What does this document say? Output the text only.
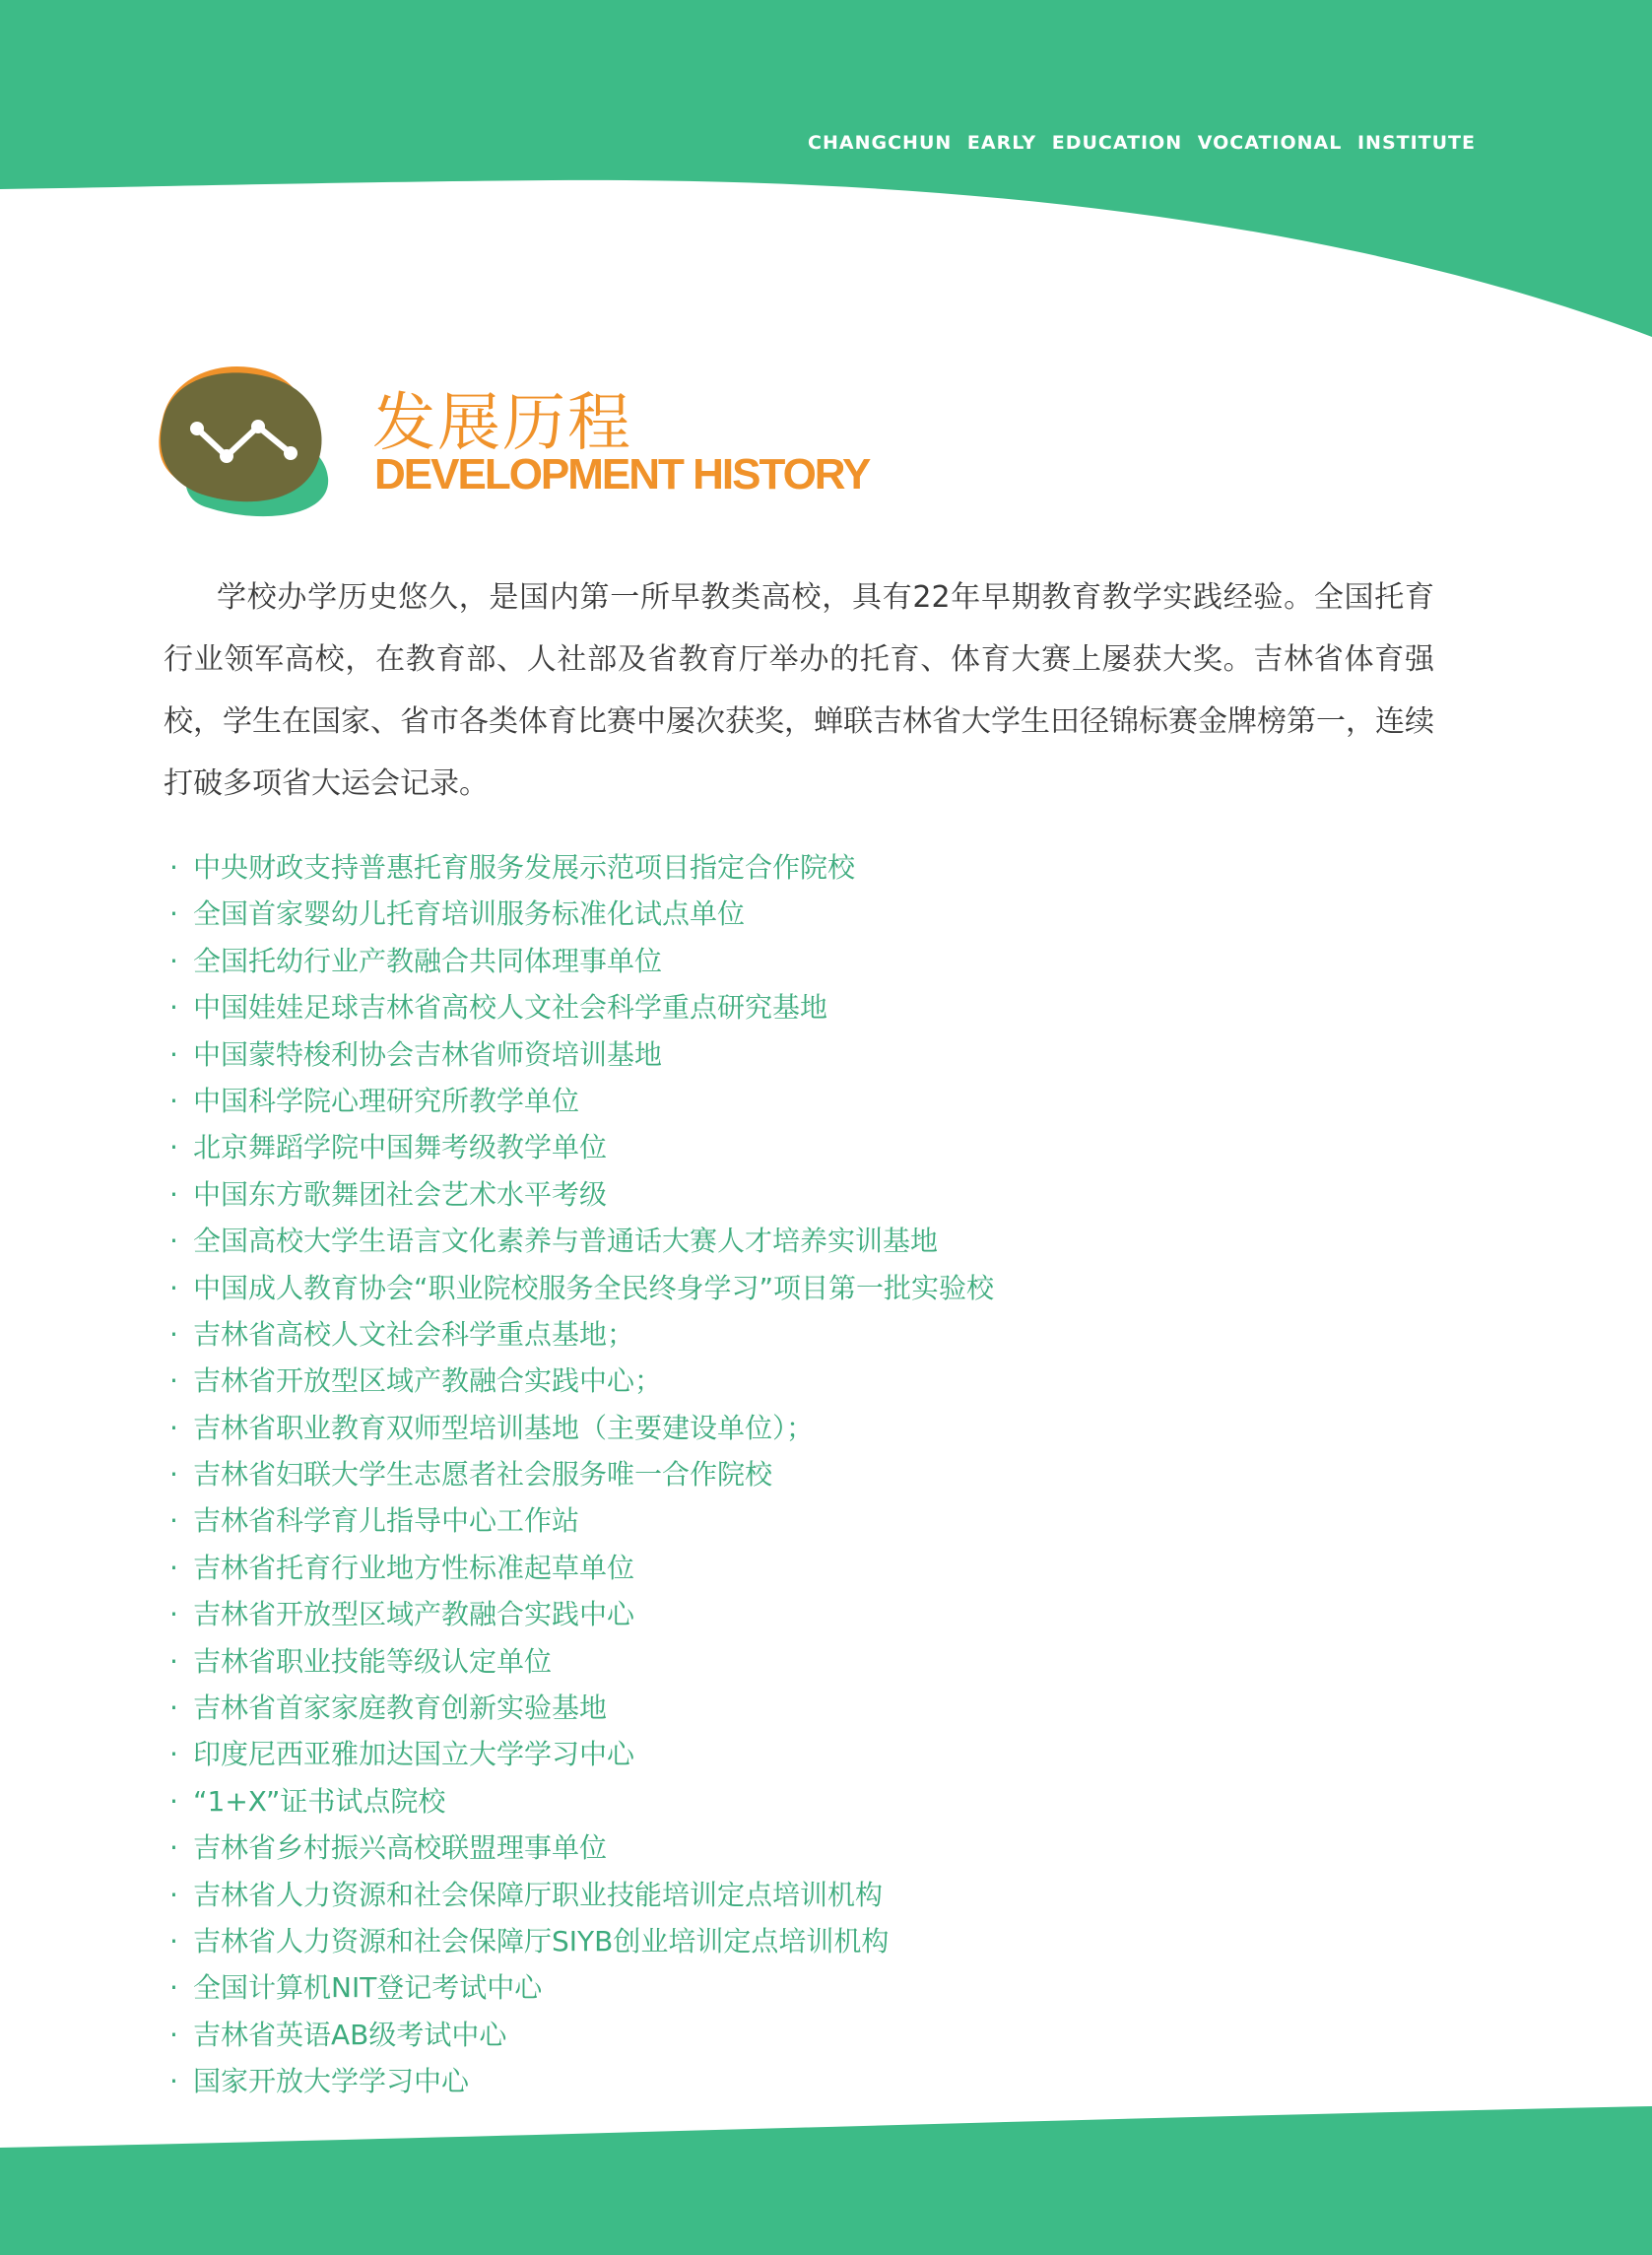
CHANGCHUN EARLY EDUCATION VOCATIONAL INSTITUTE
发展历程
DEVELOPMENT HISTORY

学校办学历史悠久，是国内第一所早教类高校，具有22年早期教育教学实践经验。全国托育行业领军高校，在教育部、人社部及省教育厅举办的托育、体育大赛上屡获大奖。吉林省体育强校，学生在国家、省市各类体育比赛中屡次获奖，蝉联吉林省大学生田径锦标赛金牌榜第一，连续打破多项省大运会记录。

· 中央财政支持普惠托育服务发展示范项目指定合作院校
· 全国首家婴幼儿托育培训服务标准化试点单位
· 全国托幼行业产教融合共同体理事单位
· 中国娃娃足球吉林省高校人文社会科学重点研究基地
· 中国蒙特梭利协会吉林省师资培训基地
· 中国科学院心理研究所教学单位
· 北京舞蹈学院中国舞考级教学单位
· 中国东方歌舞团社会艺术水平考级
· 全国高校大学生语言文化素养与普通话大赛人才培养实训基地
· 中国成人教育协会“职业院校服务全民终身学习”项目第一批实验校
· 吉林省高校人文社会科学重点基地；
· 吉林省开放型区域产教融合实践中心；
· 吉林省职业教育双师型培训基地（主要建设单位）；
· 吉林省妇联大学生志愿者社会服务唯一合作院校
· 吉林省科学育儿指导中心工作站
· 吉林省托育行业地方性标准起草单位
· 吉林省开放型区域产教融合实践中心
· 吉林省职业技能等级认定单位
· 吉林省首家家庭教育创新实验基地
· 印度尼西亚雅加达国立大学学习中心
· “1+X”证书试点院校
· 吉林省乡村振兴高校联盟理事单位
· 吉林省人力资源和社会保障厅职业技能培训定点培训机构
· 吉林省人力资源和社会保障厅SIYB创业培训定点培训机构
· 全国计算机NIT登记考试中心
· 吉林省英语AB级考试中心
· 国家开放大学学习中心
